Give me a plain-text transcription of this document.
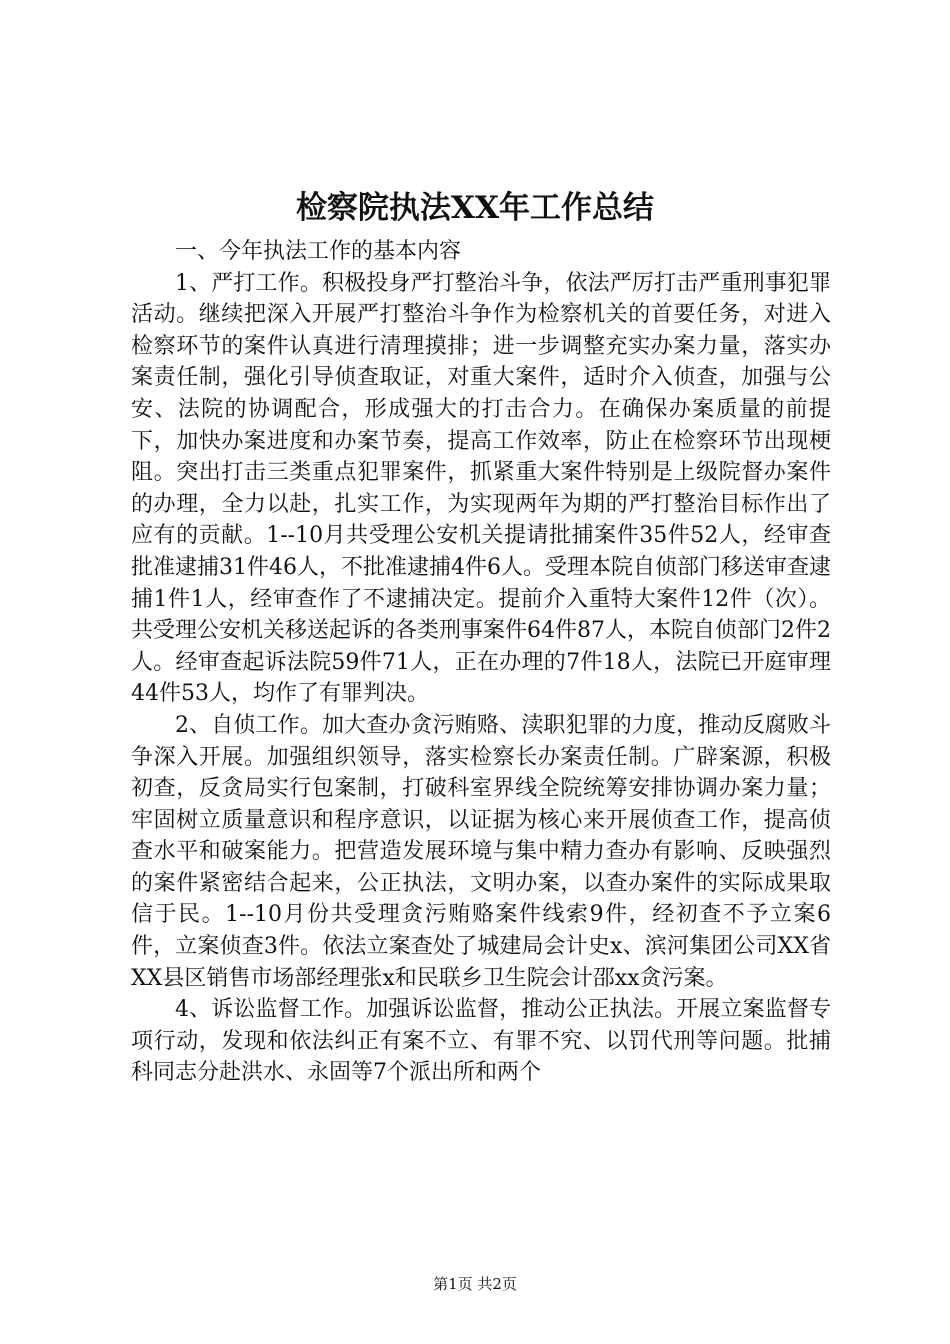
检察院执法XX年工作总结

一、今年执法工作的基本内容

1、严打工作。积极投身严打整治斗争，依法严厉打击严重刑事犯罪活动。继续把深入开展严打整治斗争作为检察机关的首要任务，对进入检察环节的案件认真进行清理摸排；进一步调整充实办案力量，落实办案责任制，强化引导侦查取证，对重大案件，适时介入侦查，加强与公安、法院的协调配合，形成强大的打击合力。在确保办案质量的前提下，加快办案进度和办案节奏，提高工作效率，防止在检察环节出现梗阻。突出打击三类重点犯罪案件，抓紧重大案件特别是上级院督办案件的办理，全力以赴，扎实工作，为实现两年为期的严打整治目标作出了应有的贡献。1--10月共受理公安机关提请批捕案件35件52人，经审查批准逮捕31件46人，不批准逮捕4件6人。受理本院自侦部门移送审查逮捕1件1人，经审查作了不逮捕决定。提前介入重特大案件12件（次）。共受理公安机关移送起诉的各类刑事案件64件87人，本院自侦部门2件2人。经审查起诉法院59件71人，正在办理的7件18人，法院已开庭审理44件53人，均作了有罪判决。

2、自侦工作。加大查办贪污贿赂、渎职犯罪的力度，推动反腐败斗争深入开展。加强组织领导，落实检察长办案责任制。广辟案源，积极初查，反贪局实行包案制，打破科室界线全院统筹安排协调办案力量；牢固树立质量意识和程序意识，以证据为核心来开展侦查工作，提高侦查水平和破案能力。把营造发展环境与集中精力查办有影响、反映强烈的案件紧密结合起来，公正执法，文明办案，以查办案件的实际成果取信于民。1--10月份共受理贪污贿赂案件线索9件，经初查不予立案6件，立案侦查3件。依法立案查处了城建局会计史x、滨河集团公司XX省XX县区销售市场部经理张x和民联乡卫生院会计邵xx贪污案。

4、诉讼监督工作。加强诉讼监督，推动公正执法。开展立案监督专项行动，发现和依法纠正有案不立、有罪不究、以罚代刑等问题。批捕科同志分赴洪水、永固等7个派出所和两个

第1页 共2页
